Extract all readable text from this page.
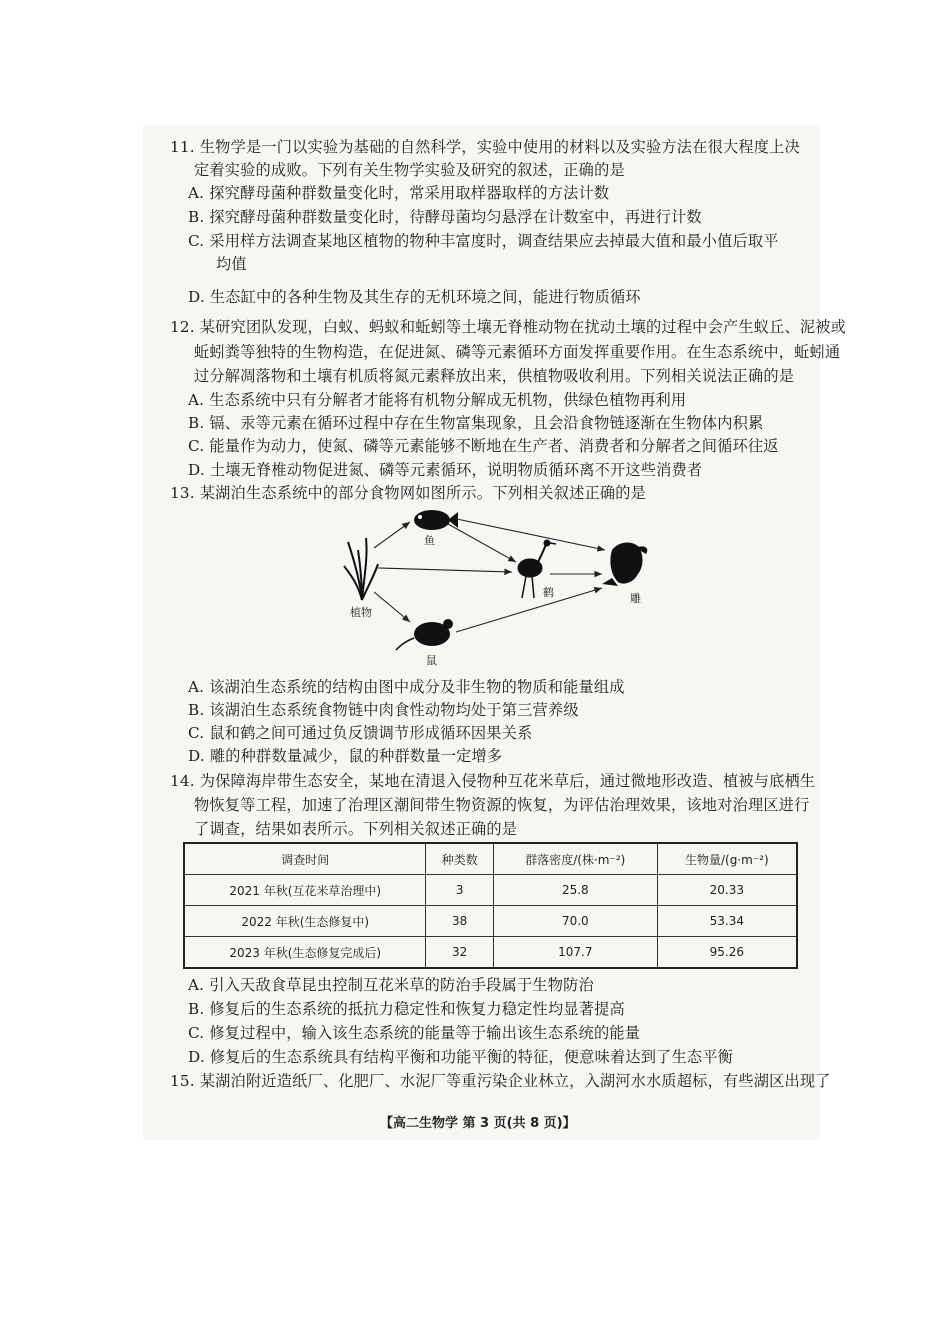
11. 生物学是一门以实验为基础的自然科学，实验中使用的材料以及实验方法在很大程度上决
定着实验的成败。下列有关生物学实验及研究的叙述，正确的是
A. 探究酵母菌种群数量变化时，常采用取样器取样的方法计数
B. 探究酵母菌种群数量变化时，待酵母菌均匀悬浮在计数室中，再进行计数
C. 采用样方法调查某地区植物的物种丰富度时，调查结果应去掉最大值和最小值后取平
均值
D. 生态缸中的各种生物及其生存的无机环境之间，能进行物质循环
12. 某研究团队发现，白蚁、蚂蚁和蚯蚓等土壤无脊椎动物在扰动土壤的过程中会产生蚁丘、泥被或
蚯蚓粪等独特的生物构造，在促进氮、磷等元素循环方面发挥重要作用。在生态系统中，蚯蚓通
过分解凋落物和土壤有机质将氮元素释放出来，供植物吸收利用。下列相关说法正确的是
A. 生态系统中只有分解者才能将有机物分解成无机物，供绿色植物再利用
B. 镉、汞等元素在循环过程中存在生物富集现象，且会沿食物链逐渐在生物体内积累
C. 能量作为动力，使氮、磷等元素能够不断地在生产者、消费者和分解者之间循环往返
D. 土壤无脊椎动物促进氮、磷等元素循环，说明物质循环离不开这些消费者
13. 某湖泊生态系统中的部分食物网如图所示。下列相关叙述正确的是
植物
鱼
鹤	雕
鼠
A. 该湖泊生态系统的结构由图中成分及非生物的物质和能量组成
B. 该湖泊生态系统食物链中肉食性动物均处于第三营养级
C. 鼠和鹤之间可通过负反馈调节形成循环因果关系
D. 雕的种群数量减少，鼠的种群数量一定增多
14. 为保障海岸带生态安全，某地在清退入侵物种互花米草后，通过微地形改造、植被与底栖生
物恢复等工程，加速了治理区潮间带生物资源的恢复，为评估治理效果，该地对治理区进行
了调查，结果如表所示。下列相关叙述正确的是
调查时间	种类数	群落密度/(株·m⁻²)	生物量/(g·m⁻²)
2021 年秋(互花米草治理中)	3	25.8	20.33
2022 年秋(生态修复中)	38	70.0	53.34
2023 年秋(生态修复完成后)	32	107.7	95.26
A. 引入天敌食草昆虫控制互花米草的防治手段属于生物防治
B. 修复后的生态系统的抵抗力稳定性和恢复力稳定性均显著提高
C. 修复过程中，输入该生态系统的能量等于输出该生态系统的能量
D. 修复后的生态系统具有结构平衡和功能平衡的特征，便意味着达到了生态平衡
15. 某湖泊附近造纸厂、化肥厂、水泥厂等重污染企业林立，入湖河水水质超标，有些湖区出现了
【高二生物学 第 3 页(共 8 页)】
